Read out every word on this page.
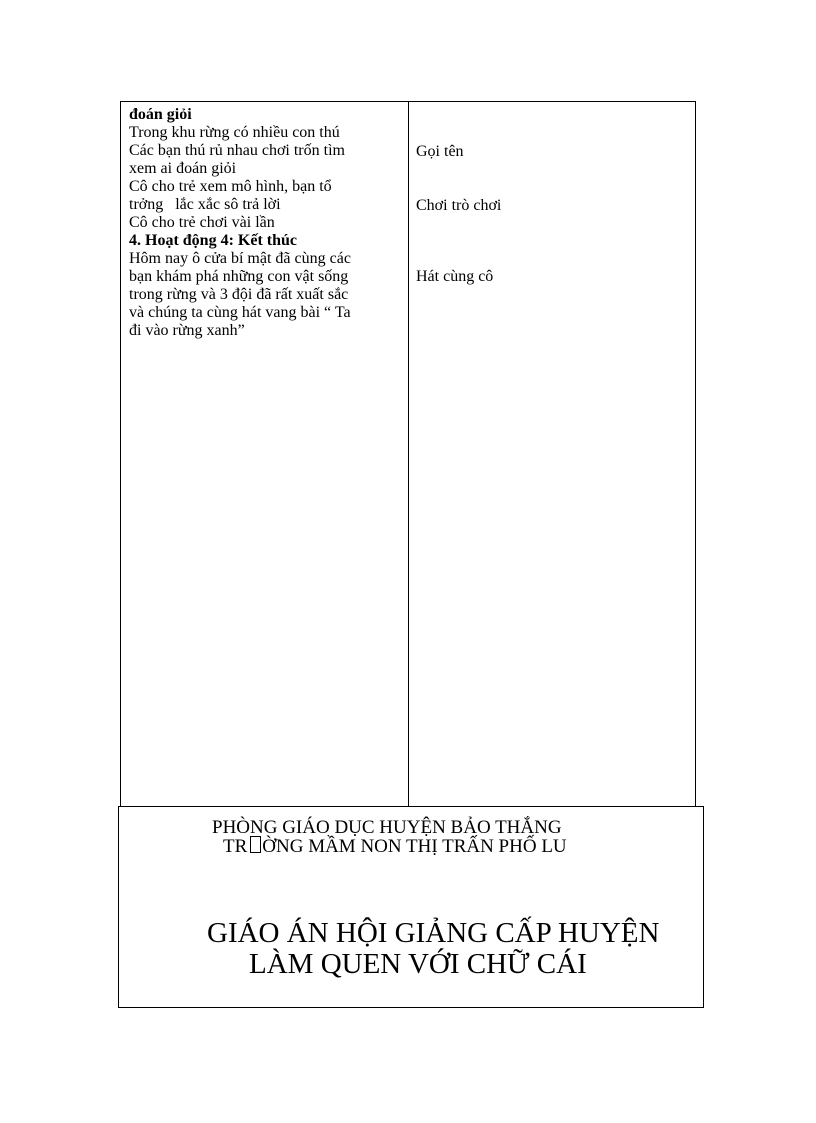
đoán giỏi

Trong khu rừng có nhiều con thú

Các bạn thú rủ nhau chơi trốn tìm

xem ai đoán giỏi

Cô cho trẻ xem mô hình, bạn tổ

trởng   lắc xắc sô trả lời

Cô cho trẻ chơi vài lần

4. Hoạt động 4: Kết thúc

Hôm nay ô cửa bí mật đã cùng các

bạn khám phá những con vật sống

trong rừng và 3 đội đã rất xuất sắc

và chúng ta cùng hát vang bài “ Ta

đi vào rừng xanh”

Gọi tên
Chơi trò chơi
Hát cùng cô
PHÒNG GIÁO DỤC HUYỆN BẢO THẮNG
TR ỜNG MẦM NON THỊ TRẤN PHỐ LU
GIÁO ÁN HỘI GIẢNG CẤP HUYỆN
LÀM QUEN VỚI CHỮ CÁI
